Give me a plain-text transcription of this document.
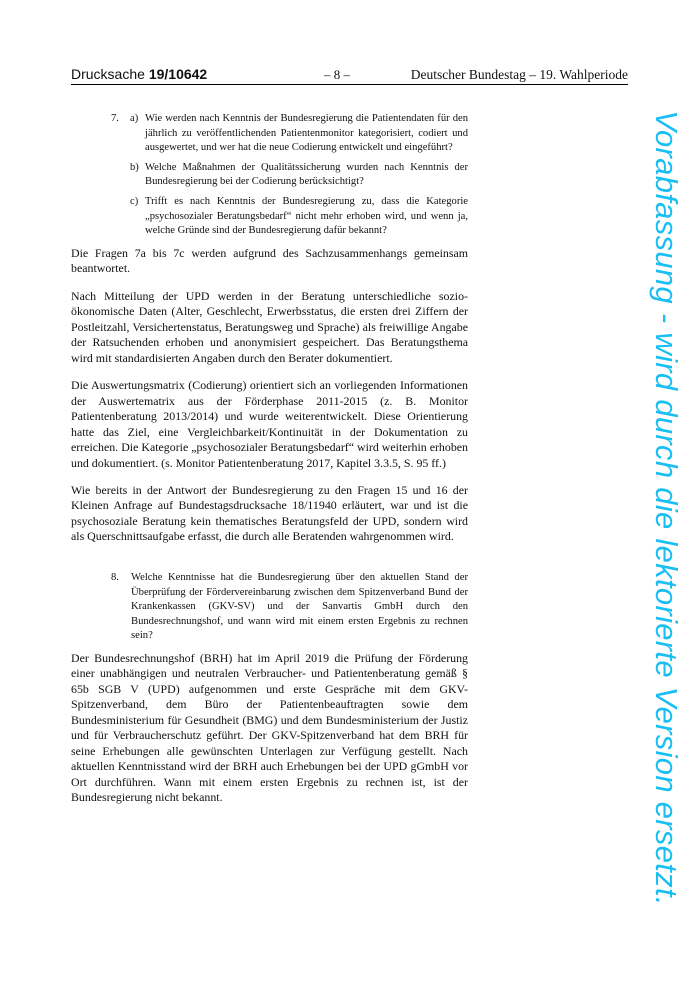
Drucksache 19/10642	– 8 –	Deutscher Bundestag – 19. Wahlperiode
7. a) Wie werden nach Kenntnis der Bundesregierung die Patientendaten für den jährlich zu veröffentlichenden Patientenmonitor kategorisiert, codiert und ausgewertet, und wer hat die neue Codierung entwickelt und eingeführt?
b) Welche Maßnahmen der Qualitätssicherung wurden nach Kenntnis der Bundesregierung bei der Codierung berücksichtigt?
c) Trifft es nach Kenntnis der Bundesregierung zu, dass die Kategorie „psychosozialer Beratungsbedarf“ nicht mehr erhoben wird, und wenn ja, welche Gründe sind der Bundesregierung dafür bekannt?

Die Fragen 7a bis 7c werden aufgrund des Sachzusammenhangs gemeinsam beantwortet.

Nach Mitteilung der UPD werden in der Beratung unterschiedliche sozio-ökonomische Daten (Alter, Geschlecht, Erwerbsstatus, die ersten drei Ziffern der Postleitzahl, Versichertenstatus, Beratungsweg und Sprache) als freiwillige Angabe der Ratsuchenden erhoben und anonymisiert gespeichert. Das Beratungsthema wird mit standardisierten Angaben durch den Berater dokumentiert.

Die Auswertungsmatrix (Codierung) orientiert sich an vorliegenden Informationen der Auswertematrix aus der Förderphase 2011-2015 (z. B. Monitor Patientenberatung 2013/2014) und wurde weiterentwickelt. Diese Orientierung hatte das Ziel, eine Vergleichbarkeit/Kontinuität in der Dokumentation zu erreichen. Die Kategorie „psychosozialer Beratungsbedarf“ wird weiterhin erhoben und dokumentiert. (s. Monitor Patientenberatung 2017, Kapitel 3.3.5, S. 95 ff.)

Wie bereits in der Antwort der Bundesregierung zu den Fragen 15 und 16 der Kleinen Anfrage auf Bundestagsdrucksache 18/11940 erläutert, war und ist die psychosoziale Beratung kein thematisches Beratungsfeld der UPD, sondern wird als Querschnittsaufgabe erfasst, die durch alle Beratenden wahrgenommen wird.

8. Welche Kenntnisse hat die Bundesregierung über den aktuellen Stand der Überprüfung der Fördervereinbarung zwischen dem Spitzenverband Bund der Krankenkassen (GKV-SV) und der Sanvartis GmbH durch den Bundesrechnungshof, und wann wird mit einem ersten Ergebnis zu rechnen sein?

Der Bundesrechnungshof (BRH) hat im April 2019 die Prüfung der Förderung einer unabhängigen und neutralen Verbraucher- und Patientenberatung gemäß § 65b SGB V (UPD) aufgenommen und erste Gespräche mit dem GKV-Spitzenverband, dem Büro der Patientenbeauftragten sowie dem Bundesministerium für Gesundheit (BMG) und dem Bundesministerium der Justiz und für Verbraucherschutz geführt. Der GKV-Spitzenverband hat dem BRH für seine Erhebungen alle gewünschten Unterlagen zur Verfügung gestellt. Nach aktuellen Kenntnisstand wird der BRH auch Erhebungen bei der UPD gGmbH vor Ort durchführen. Wann mit einem ersten Ergebnis zu rechnen ist, ist der Bundesregierung nicht bekannt.	Vorabfassung - wird durch die lektorierte Version ersetzt.
